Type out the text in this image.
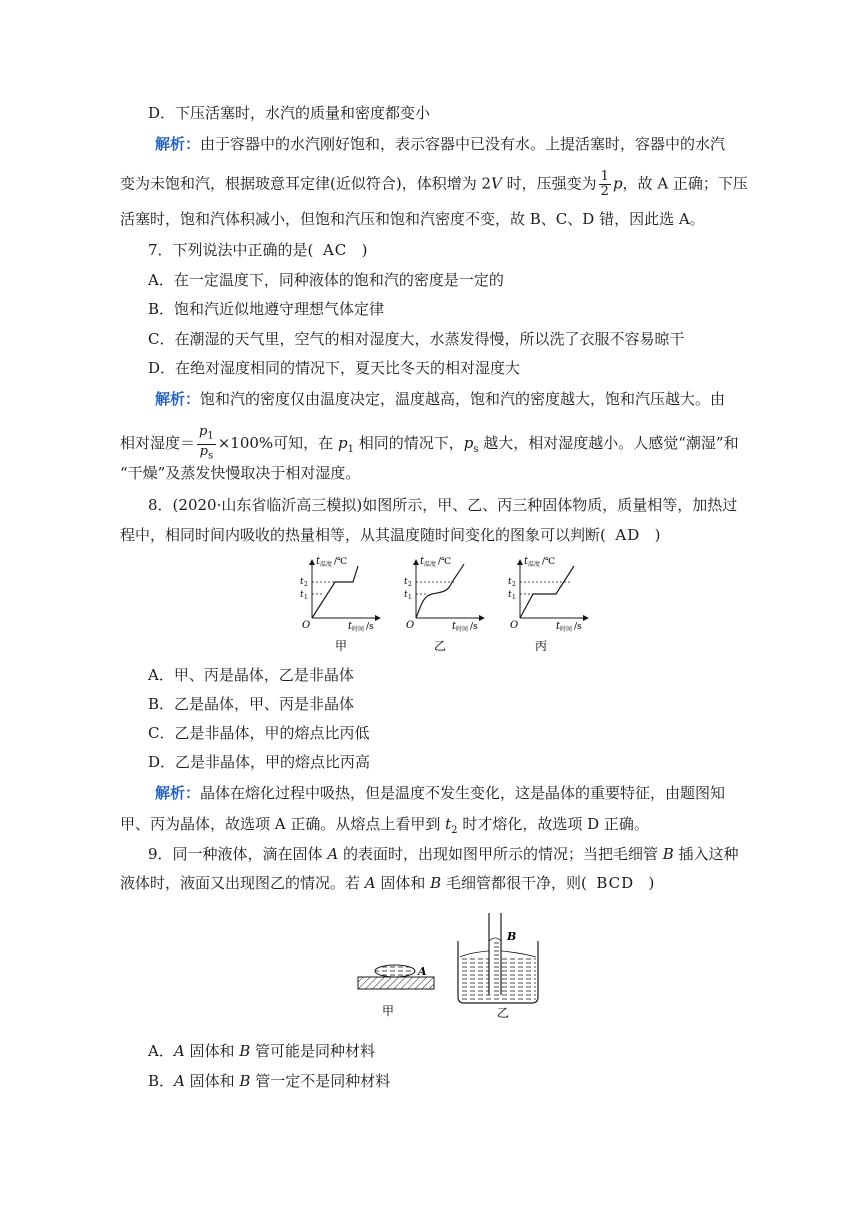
D．下压活塞时，水汽的质量和密度都变小
解析：由于容器中的水汽刚好饱和，表示容器中已没有水。上提活塞时，容器中的水汽
变为未饱和汽，根据玻意耳定律(近似符合)，体积增为 2V 时，压强变为 $\frac{1}{2}$ p，故 A 正确；下压
活塞时，饱和汽体积减小，但饱和汽压和饱和汽密度不变，故 B、C、D 错，因此选 A。
7．下列说法中正确的是( AC )
A．在一定温度下，同种液体的饱和汽的密度是一定的
B．饱和汽近似地遵守理想气体定律
C．在潮湿的天气里，空气的相对湿度大，水蒸发得慢，所以洗了衣服不容易晾干
D．在绝对湿度相同的情况下，夏天比冬天的相对湿度大
解析：饱和汽的密度仅由温度决定，温度越高，饱和汽的密度越大，饱和汽压越大。由
相对湿度＝ $\frac{p_1}{p_s} \times 100\%$可知，在 $p_1$ 相同的情况下，$p_s$ 越大，相对湿度越小。人感觉“潮湿”和
“干燥”及蒸发快慢取决于相对湿度。
8．(2020·山东省临沂高三模拟)如图所示，甲、乙、丙三种固体物质，质量相等，加热过
程中，相同时间内吸收的热量相等，从其温度随时间变化的图象可以判断( AD )
t 温度 /℃
t 2
t 1
O	t 时间 /s
甲
t 温度 /℃
t 2
t 1
O	t 时间 /s
乙
t 温度 /℃
t 2
t 1
O	t 时间 /s
丙
A．甲、丙是晶体，乙是非晶体
B．乙是晶体，甲、丙是非晶体
C．乙是非晶体，甲的熔点比丙低
D．乙是非晶体，甲的熔点比丙高
解析：晶体在熔化过程中吸热，但是温度不发生变化，这是晶体的重要特征，由题图知
甲、丙为晶体，故选项 A 正确。从熔点上看甲到 $t_2$ 时才熔化，故选项 D 正确。
9．同一种液体，滴在固体 A 的表面时，出现如图甲所示的情况；当把毛细管 B 插入这种
液体时，液面又出现图乙的情况。若 A 固体和 B 毛细管都很干净，则( BCD )
A
甲
B
乙
A．A 固体和 B 管可能是同种材料
B．A 固体和 B 管一定不是同种材料
